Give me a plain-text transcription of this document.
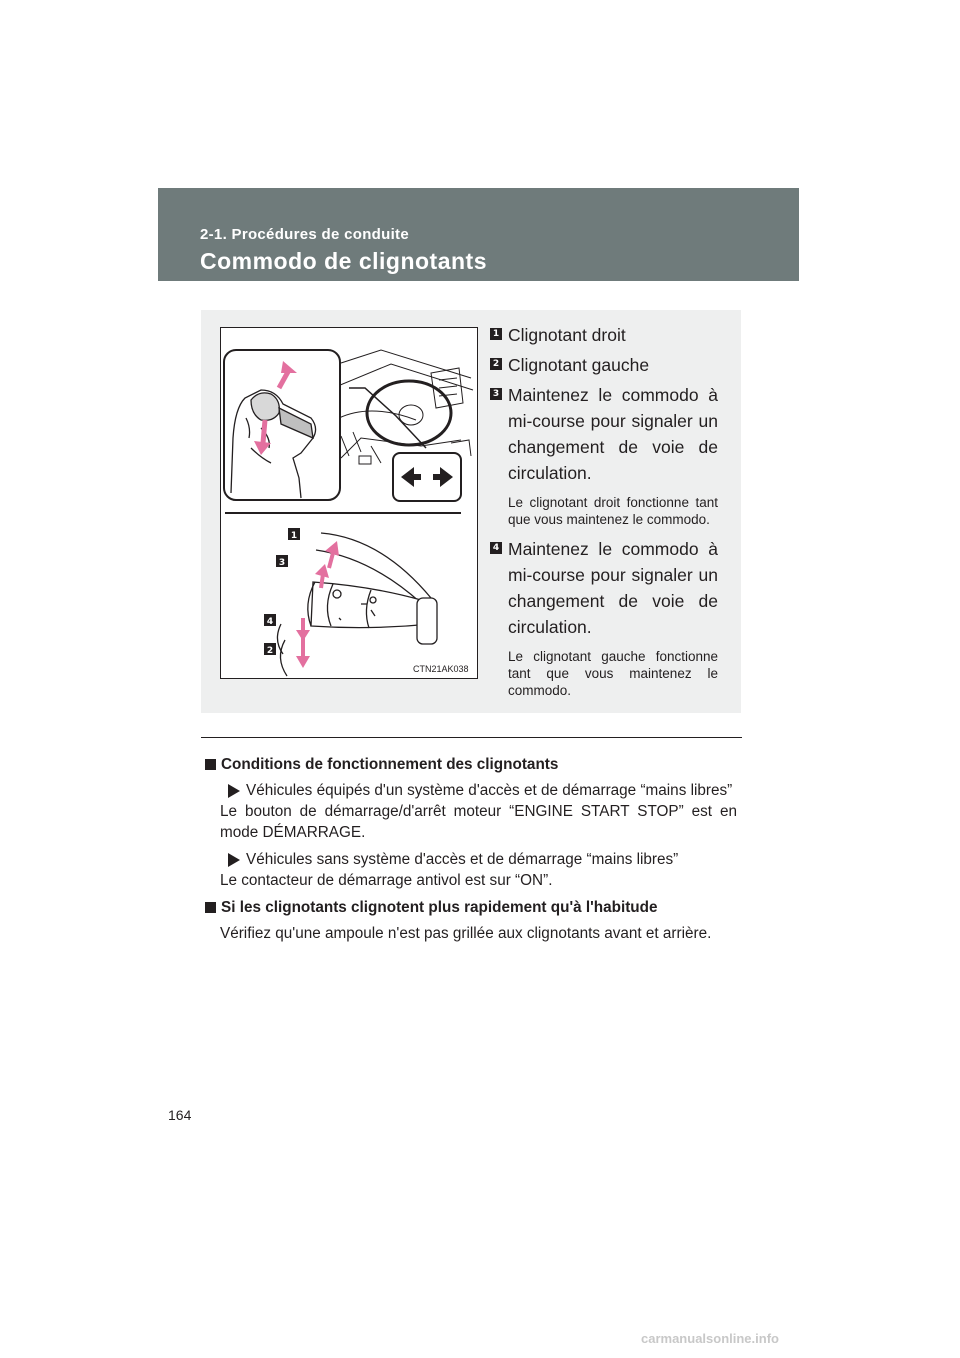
2-1. Procédures de conduite
Commodo de clignotants
1
3
4
2
CTN21AK038
1 Clignotant droit
2 Clignotant gauche
3 Maintenez le commodo à mi-course pour signaler un changement de voie de circulation.
Le clignotant droit fonctionne tant que vous maintenez le commodo.
4 Maintenez le commodo à mi-course pour signaler un changement de voie de circulation.
Le clignotant gauche fonctionne tant que vous maintenez le commodo.
Conditions de fonctionnement des clignotants

Véhicules équipés d'un système d'accès et de démarrage “mains libres”

Le bouton de démarrage/d'arrêt moteur “ENGINE START STOP” est en mode DÉMARRAGE.

Véhicules sans système d'accès et de démarrage “mains libres”

Le contacteur de démarrage antivol est sur “ON”.

Si les clignotants clignotent plus rapidement qu'à l'habitude

Vérifiez qu'une ampoule n'est pas grillée aux clignotants avant et arrière.

164
carmanualsonline.info
